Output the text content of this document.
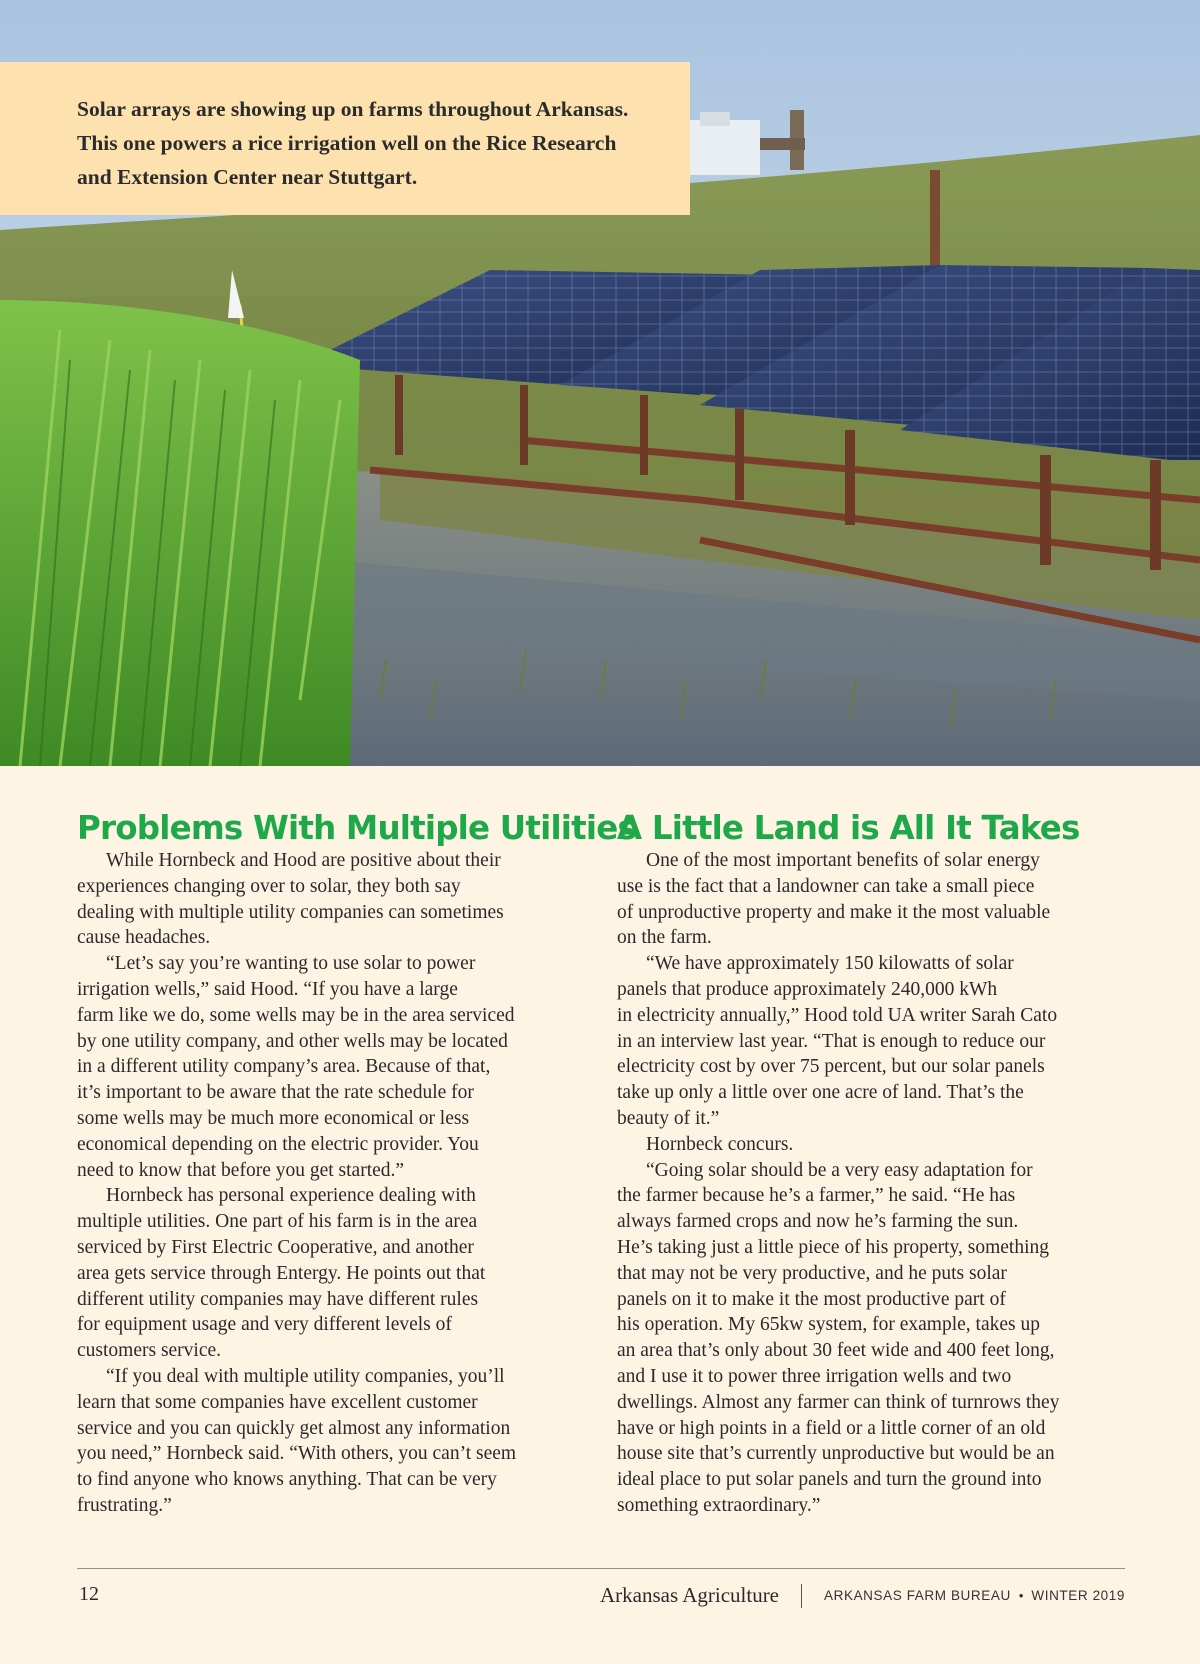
Solar arrays are showing up on farms throughout Arkansas.
This one powers a rice irrigation well on the Rice Research
and Extension Center near Stuttgart.
Problems With Multiple Utilities
While Hornbeck and Hood are positive about their
experiences changing over to solar, they both say
dealing with multiple utility companies can sometimes
cause headaches.
“Let’s say you’re wanting to use solar to power
irrigation wells,” said Hood. “If you have a large
farm like we do, some wells may be in the area serviced
by one utility company, and other wells may be located
in a different utility company’s area. Because of that,
it’s important to be aware that the rate schedule for
some wells may be much more economical or less
economical depending on the electric provider. You
need to know that before you get started.”
Hornbeck has personal experience dealing with
multiple utilities. One part of his farm is in the area
serviced by First Electric Cooperative, and another
area gets service through Entergy. He points out that
different utility companies may have different rules
for equipment usage and very different levels of
customers service.
“If you deal with multiple utility companies, you’ll
learn that some companies have excellent customer
service and you can quickly get almost any information
you need,” Hornbeck said. “With others, you can’t seem
to find anyone who knows anything. That can be very
frustrating.”
A Little Land is All It Takes
One of the most important benefits of solar energy
use is the fact that a landowner can take a small piece
of unproductive property and make it the most valuable
on the farm.
“We have approximately 150 kilowatts of solar
panels that produce approximately 240,000 kWh
in electricity annually,” Hood told UA writer Sarah Cato
in an interview last year. “That is enough to reduce our
electricity cost by over 75 percent, but our solar panels
take up only a little over one acre of land. That’s the
beauty of it.”
Hornbeck concurs.
“Going solar should be a very easy adaptation for
the farmer because he’s a farmer,” he said. “He has
always farmed crops and now he’s farming the sun.
He’s taking just a little piece of his property, something
that may not be very productive, and he puts solar
panels on it to make it the most productive part of
his operation. My 65kw system, for example, takes up
an area that’s only about 30 feet wide and 400 feet long,
and I use it to power three irrigation wells and two
dwellings. Almost any farmer can think of turnrows they
have or high points in a field or a little corner of an old
house site that’s currently unproductive but would be an
ideal place to put solar panels and turn the ground into
something extraordinary.”
12	Arkansas Agriculture	ARKANSAS FARM BUREAU • WINTER 2019
